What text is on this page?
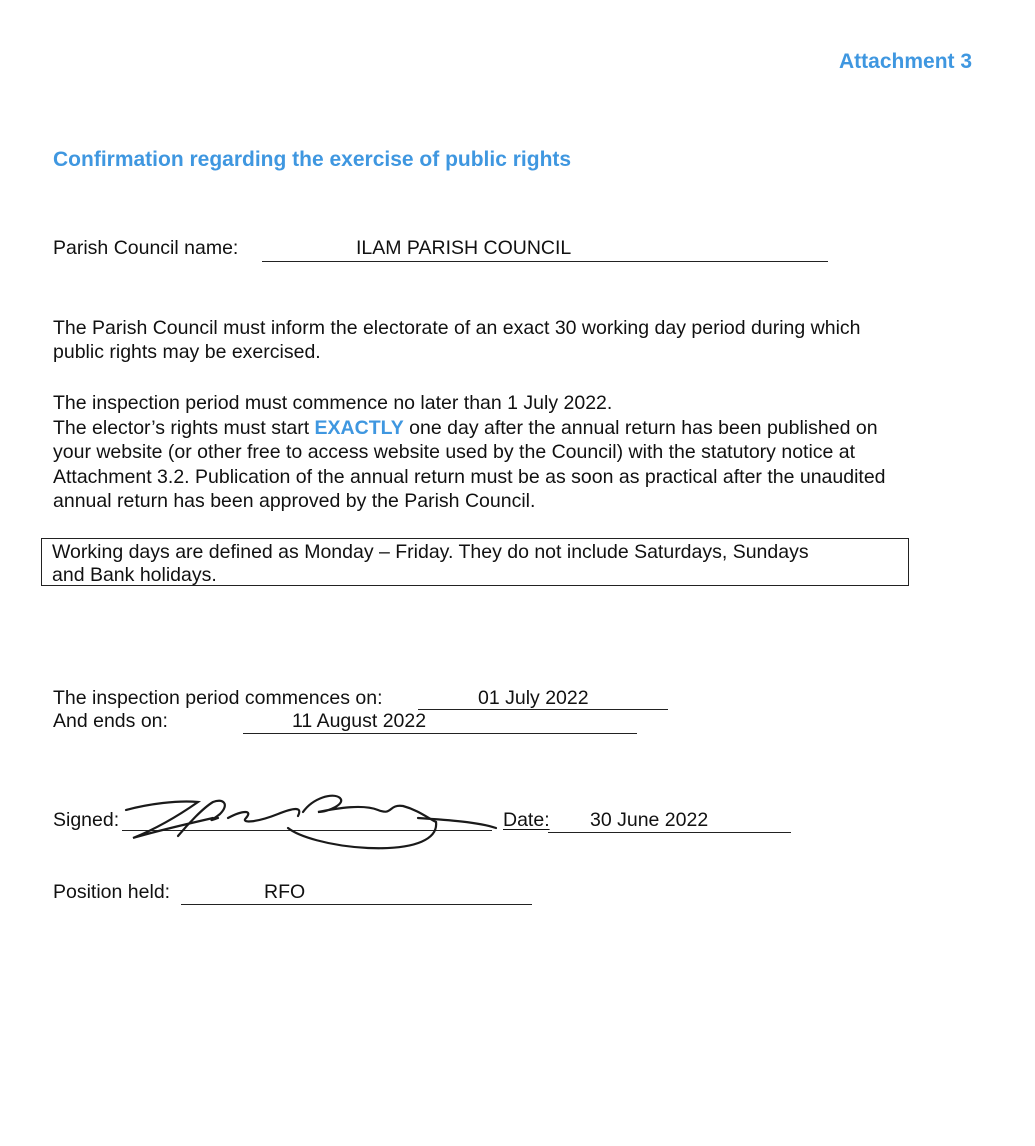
Attachment 3
Confirmation regarding the exercise of public rights
Parish Council name:	ILAM PARISH COUNCIL
The Parish Council must inform the electorate of an exact 30 working day period during which
public rights may be exercised.
The inspection period must commence no later than 1 July 2022.
The elector’s rights must start EXACTLY one day after the annual return has been published on
your website (or other free to access website used by the Council) with the statutory notice at
Attachment 3.2. Publication of the annual return must be as soon as practical after the unaudited
annual return has been approved by the Parish Council.
Working days are defined as Monday – Friday. They do not include Saturdays, Sundays
and Bank holidays.
The inspection period commences on:	01 July 2022
And ends on:	11 August 2022
Signed:	Date: 30 June 2022
Position held:	RFO
